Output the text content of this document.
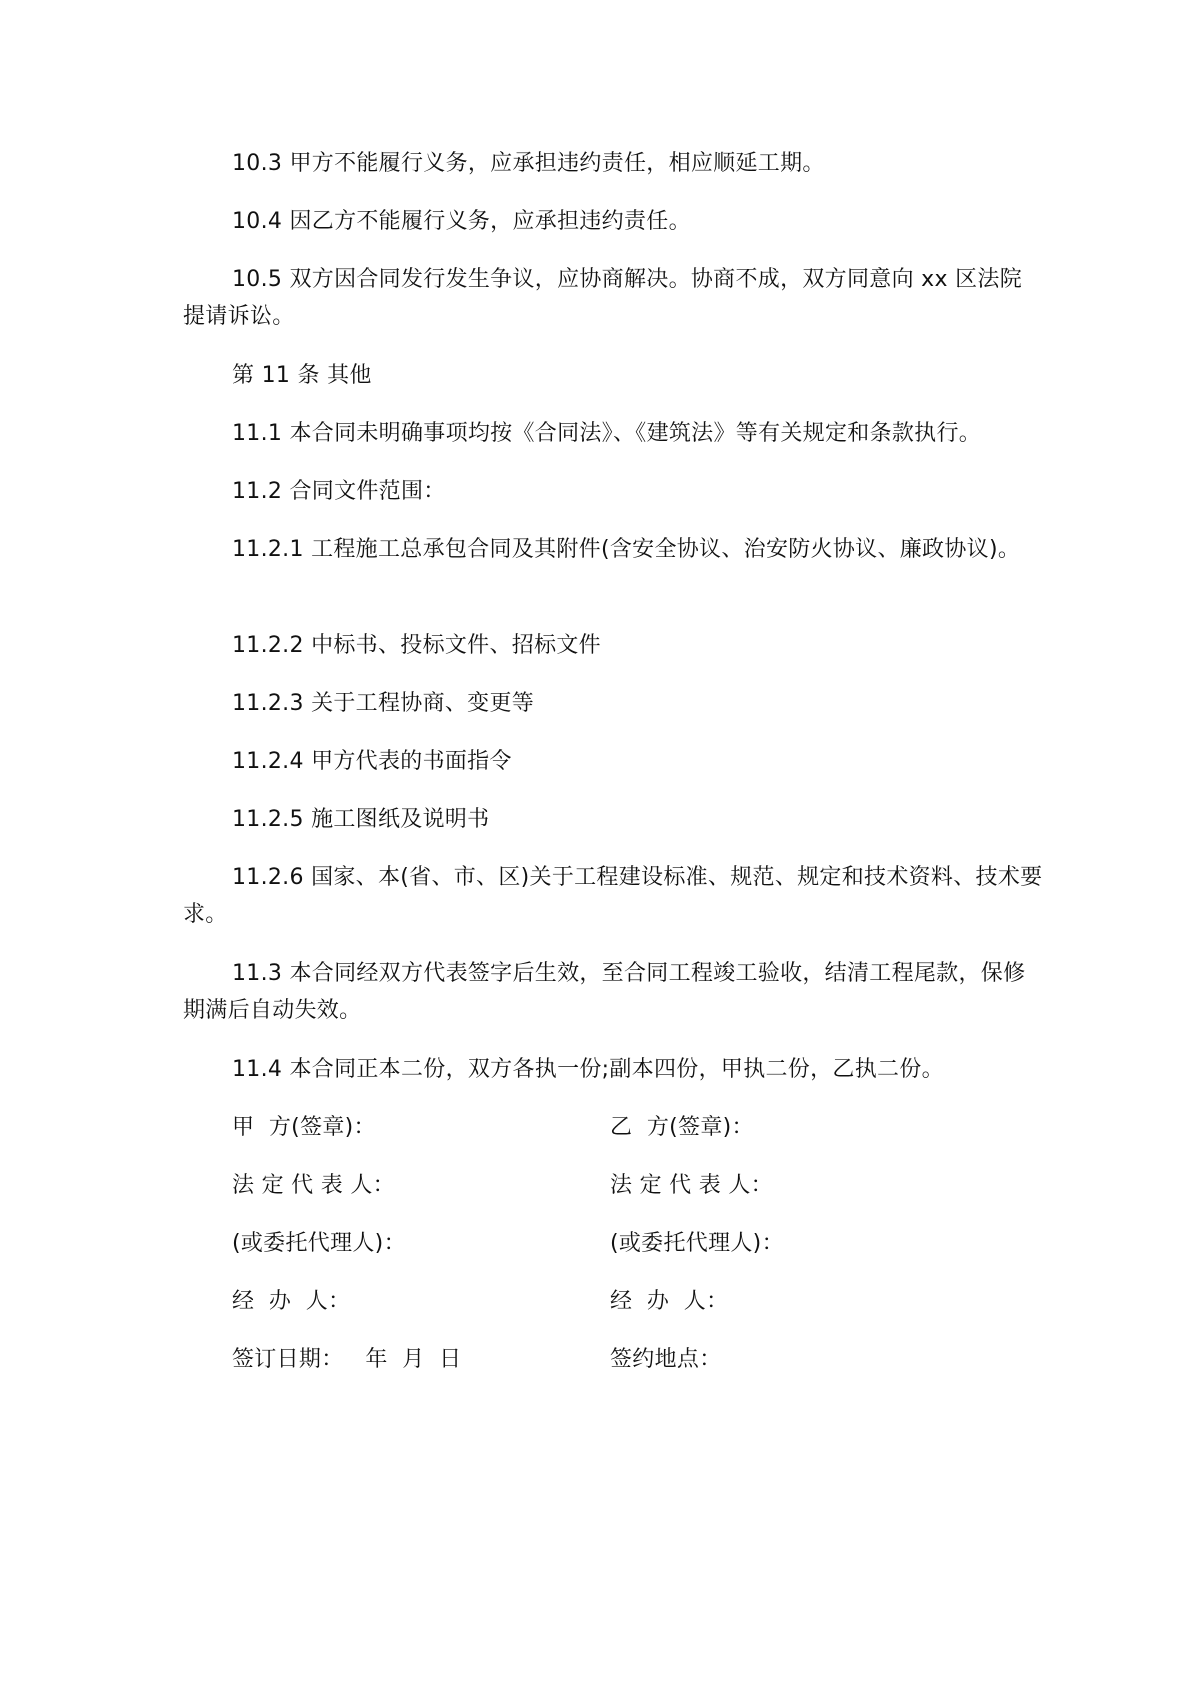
10.3 甲方不能履行义务，应承担违约责任，相应顺延工期。

10.4 因乙方不能履行义务，应承担违约责任。

10.5 双方因合同发行发生争议，应协商解决。协商不成，双方同意向 xx 区法院提请诉讼。

第 11 条 其他

11.1 本合同未明确事项均按《合同法》、《建筑法》等有关规定和条款执行。

11.2 合同文件范围：

11.2.1 工程施工总承包合同及其附件(含安全协议、治安防火协议、廉政协议)。

11.2.2 中标书、投标文件、招标文件

11.2.3 关于工程协商、变更等

11.2.4 甲方代表的书面指令

11.2.5 施工图纸及说明书

11.2.6 国家、本(省、市、区)关于工程建设标准、规范、规定和技术资料、技术要求。

11.3 本合同经双方代表签字后生效，至合同工程竣工验收，结清工程尾款，保修期满后自动失效。

11.4 本合同正本二份，双方各执一份;副本四份，甲执二份，乙执二份。

甲  方(签章)：	乙  方(签章)：

法 定 代 表 人：	法 定 代 表 人：

(或委托代理人)：	(或委托代理人)：

经  办  人：	经  办  人：

签订日期：   年  月  日	签约地点：
